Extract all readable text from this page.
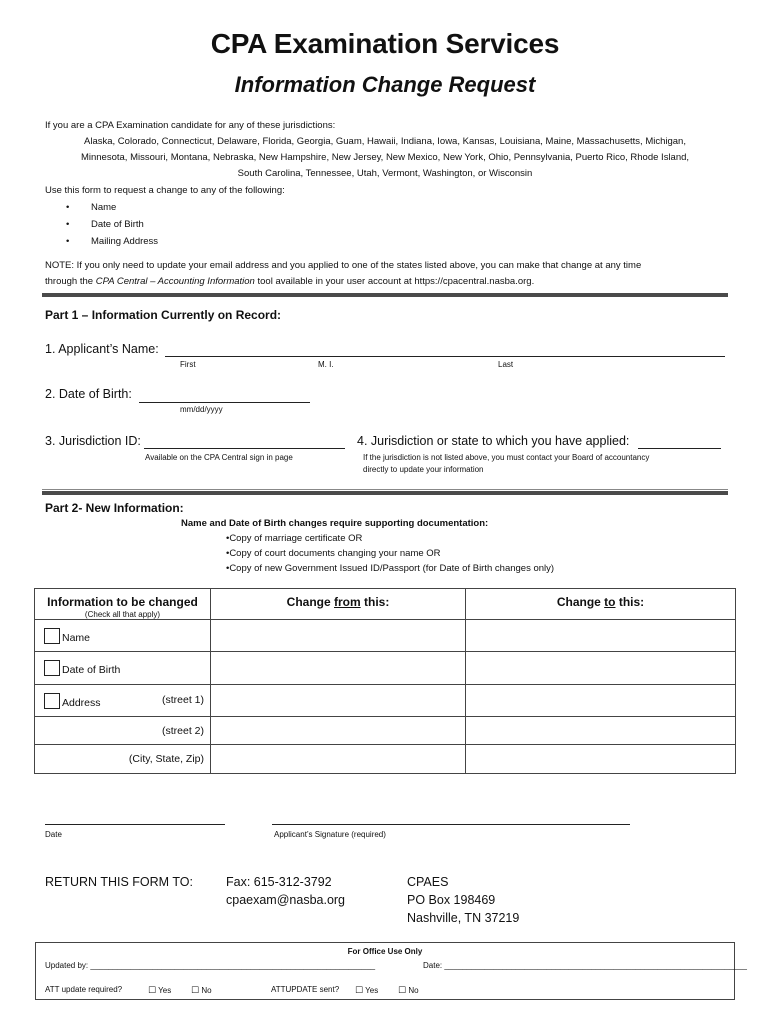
CPA Examination Services
Information Change Request
If you are a CPA Examination candidate for any of these jurisdictions:
Alaska, Colorado, Connecticut, Delaware, Florida, Georgia, Guam, Hawaii, Indiana, Iowa, Kansas, Louisiana, Maine, Massachusetts, Michigan,
Minnesota, Missouri, Montana, Nebraska, New Hampshire, New Jersey, New Mexico, New York, Ohio, Pennsylvania, Puerto Rico, Rhode Island,
South Carolina, Tennessee, Utah, Vermont, Washington, or Wisconsin
Use this form to request a change to any of the following:
• Name
• Date of Birth
• Mailing Address
NOTE: If you only need to update your email address and you applied to one of the states listed above, you can make that change at any time
through the CPA Central – Accounting Information tool available in your user account at https://cpacentral.nasba.org.
Part 1 – Information Currently on Record:
1. Applicant’s Name:
First	M. I.	Last
2. Date of Birth:
mm/dd/yyyy
3. Jurisdiction ID:
Available on the CPA Central sign in page
4. Jurisdiction or state to which you have applied:
If the jurisdiction is not listed above, you must contact your Board of accountancy
directly to update your information
Part 2- New Information:
Name and Date of Birth changes require supporting documentation:
•Copy of marriage certificate OR
•Copy of court documents changing your name OR
•Copy of new Government Issued ID/Passport (for Date of Birth changes only)
Information to be changed
(Check all that apply)	Change from this:	Change to this:
Name		
Date of Birth		
Address (street 1)		

(street 2)		
(City, State, Zip)		
Date	Applicant’s Signature (required)
RETURN THIS FORM TO:	Fax: 615-312-3792
cpaexam@nasba.org
CPAES
PO Box 198469
Nashville, TN 37219
For Office Use Only
Updated by: ________________________________________________________________	Date: ____________________________________________________________________
ATT update required?	☐ Yes ☐ No	ATTUPDATE sent? ☐ Yes ☐ No
